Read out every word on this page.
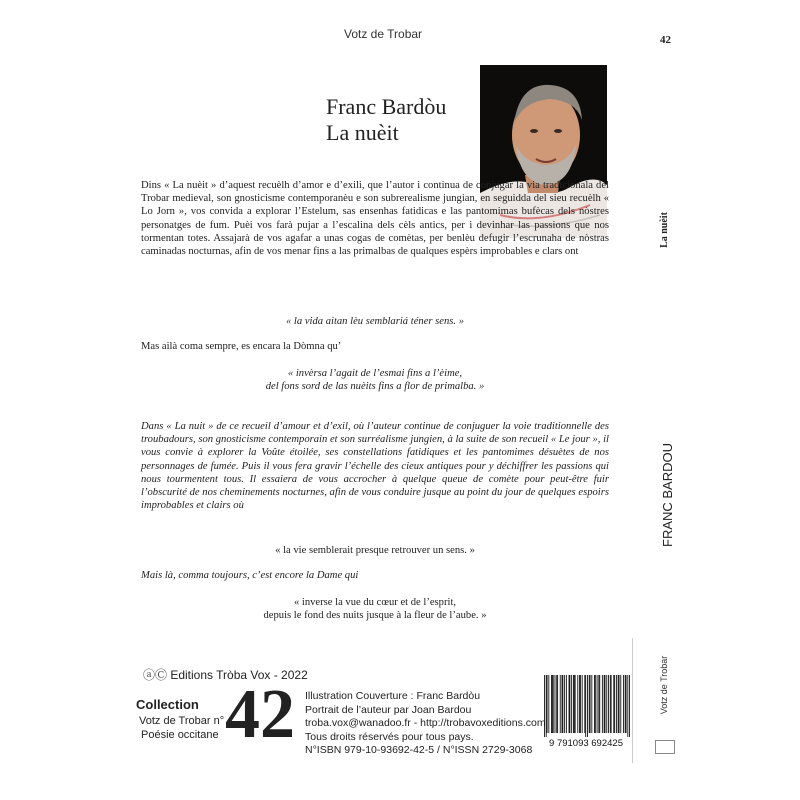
Votz de Trobar	42
Franc Bardòu
La nuèit
Dins « La nuèit » d’aquest recuèlh d’amor e d’exili, que l’autor i continua de conjugar la via tradicionala del Trobar medieval, son gnosticisme contemporanèu e son subrerealisme jungian, en seguidda del sieu recuèlh « Lo Jorn », vos convida a explorar l’Estelum, sas ensenhas fatidicas e las pantomimas bufècas dels nòstres personatges de fum. Puèi vos farà pujar a l’escalina dels cèls antics, per i devinhar las passions que nos tormentan totes. Assajarà de vos agafar a unas cogas de comètas, per benlèu defugir l’escrunaha de nòstras caminadas nocturnas, afin de vos menar fins a las primalbas de qualques espèrs improbables e clars ont
« la vida aitan lèu semblariá téner sens. »
Mas ailà coma sempre, es encara la Dòmna qu’
« invèrsa l’agait de l’esmai fins a l’èime,
del fons sord de las nuèits fins a flor de primalba. »
Dans « La nuit » de ce recueil d’amour et d’exil, où l’auteur continue de conjuguer la voie traditionnelle des troubadours, son gnosticisme contemporain et son surréalisme jungien, à la suite de son recueil « Le jour », il vous convie à explorer la Voûte étoilée, ses constellations fatidiques et les pantomimes désuètes de nos personnages de fumée. Puis il vous fera gravir l’échelle des cieux antiques pour y déchiffrer les passions qui nous tourmentent tous. Il essaiera de vous accrocher à quelque queue de comète pour peut-être fuir l’obscurité de nos cheminements nocturnes, afin de vous conduire jusque au point du jour de quelques espoirs improbables et clairs où
« la vie semblerait presque retrouver un sens. »
Mais là, comma toujours, c’est encore la Dame qui
« inverse la vue du cœur et de l’esprit,
depuis le fond des nuits jusque à la fleur de l’aube. »
La nuèit
FRANC BARDOU
Votz de Trobar
ⓐⒸ Editions Tròba Vox - 2022
Collection
Votz de Trobar n°
Poésie occitane 42 Illustration Couverture : Franc Bardòu
Portrait de l’auteur par Joan Bardou
troba.vox@wanadoo.fr - http://trobavoxeditions.com
Tous droits réservés pour tous pays.
N°ISBN 979-10-93692-42-5 / N°ISSN 2729-3068
9 791093 692425
